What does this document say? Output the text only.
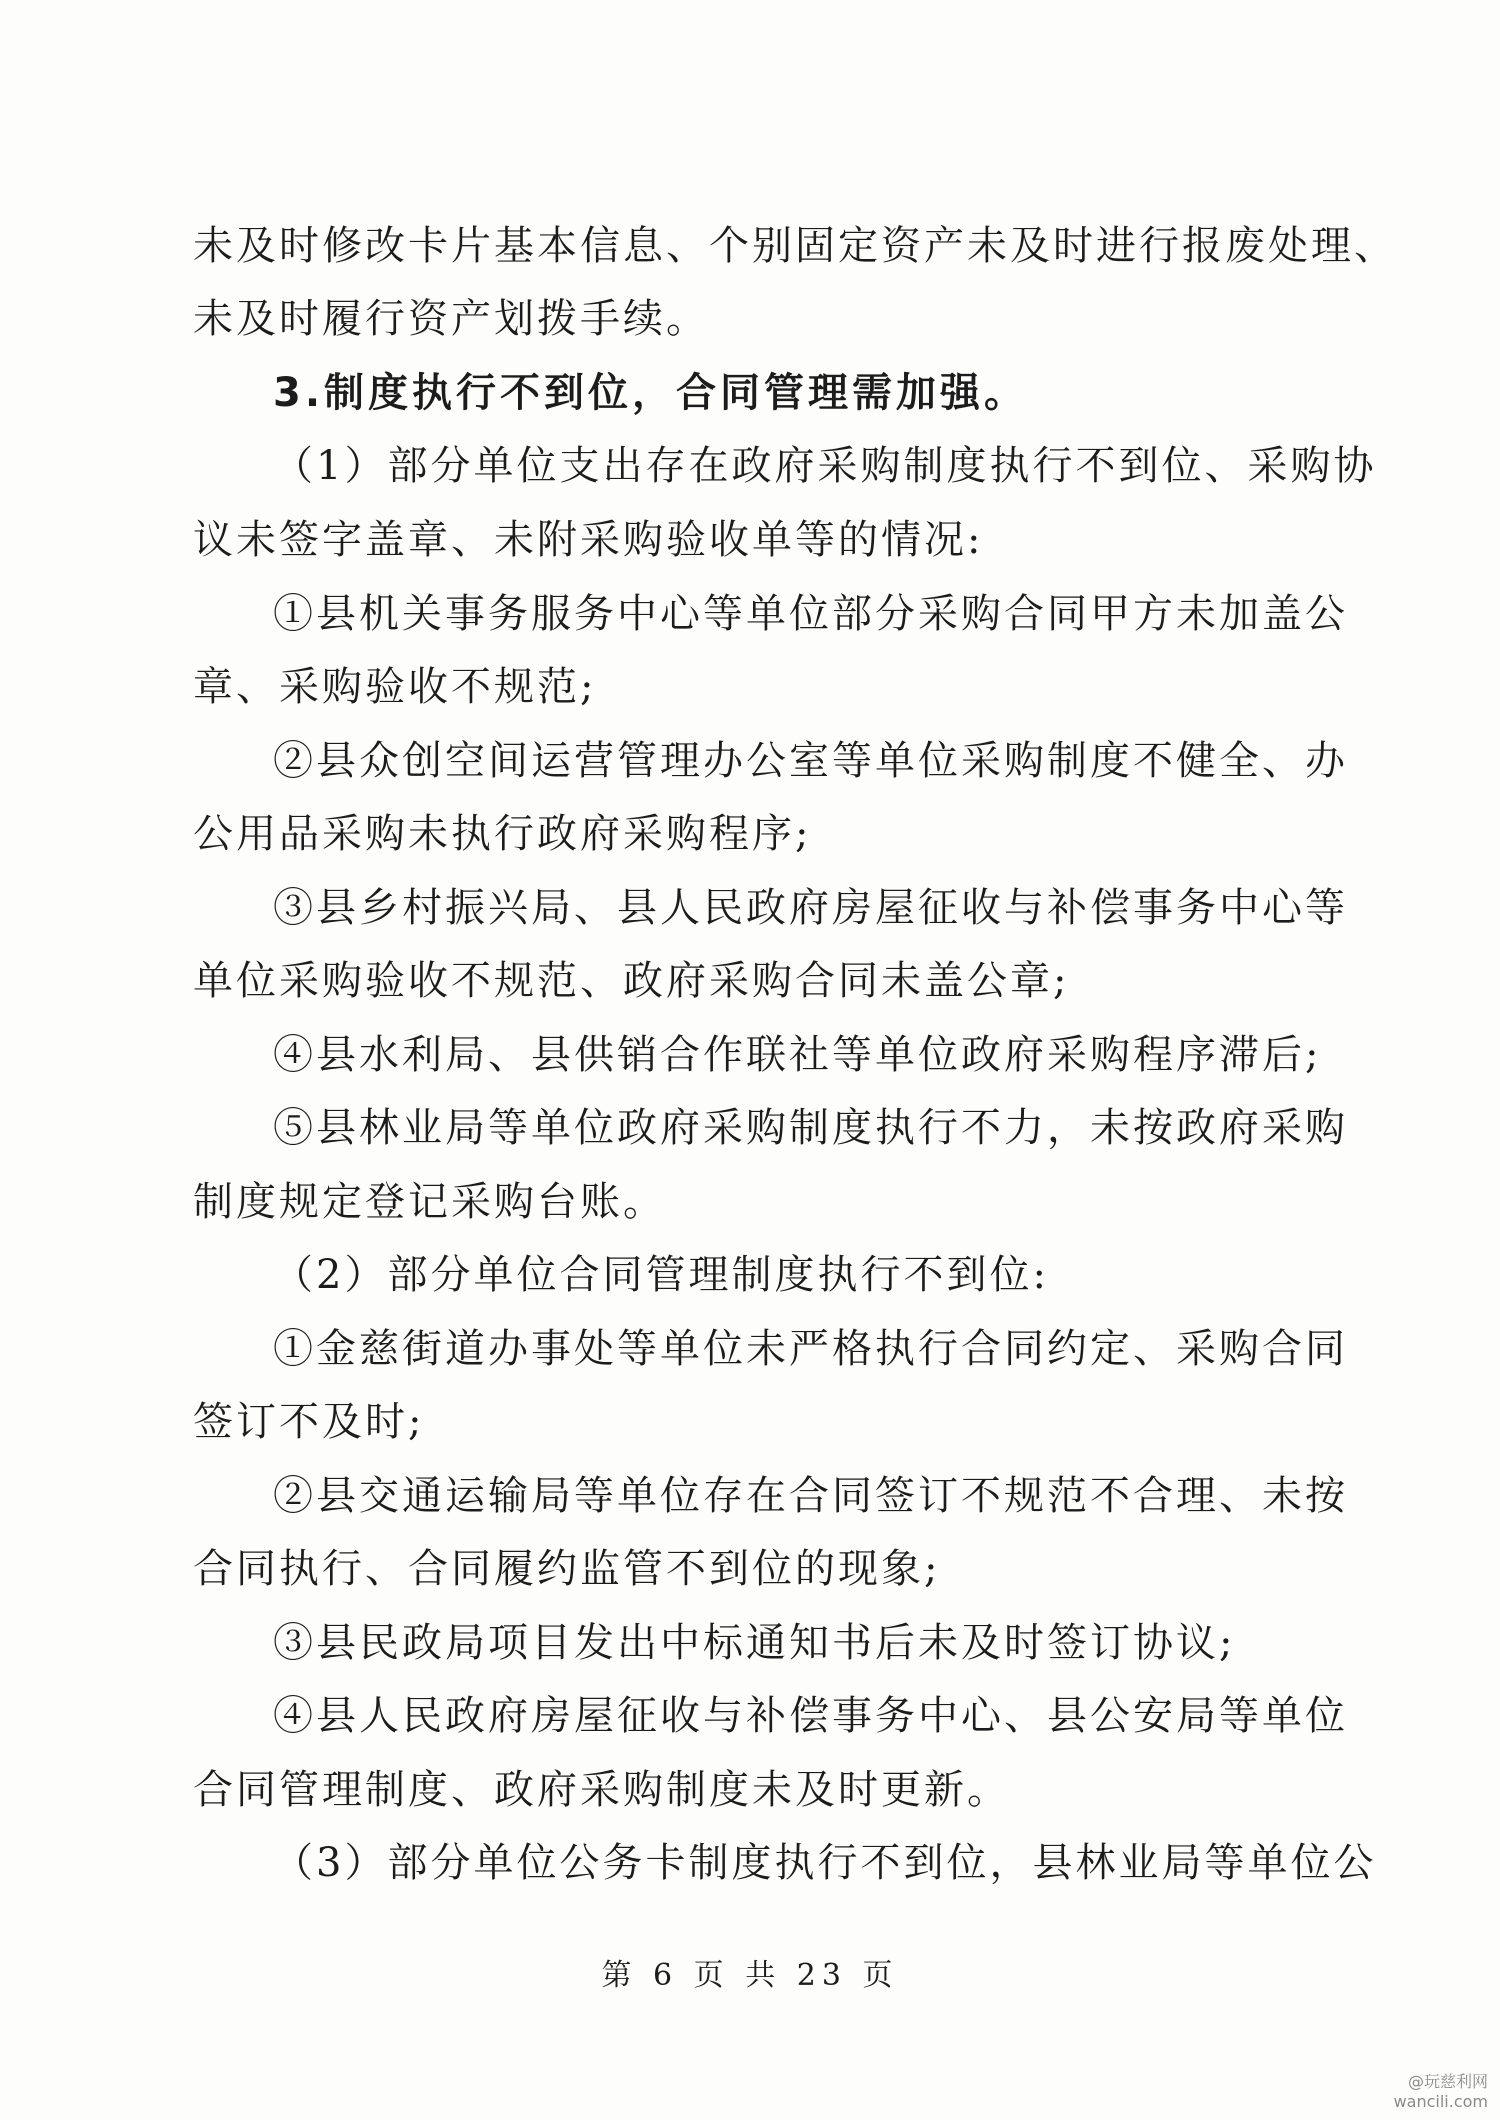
未及时修改卡片基本信息、个别固定资产未及时进行报废处理、
未及时履行资产划拨手续。
3.制度执行不到位，合同管理需加强。
（1）部分单位支出存在政府采购制度执行不到位、采购协
议未签字盖章、未附采购验收单等的情况:
①县机关事务服务中心等单位部分采购合同甲方未加盖公
章、采购验收不规范;
②县众创空间运营管理办公室等单位采购制度不健全、办
公用品采购未执行政府采购程序;
③县乡村振兴局、县人民政府房屋征收与补偿事务中心等
单位采购验收不规范、政府采购合同未盖公章;
④县水利局、县供销合作联社等单位政府采购程序滞后;
⑤县林业局等单位政府采购制度执行不力，未按政府采购
制度规定登记采购台账。
（2）部分单位合同管理制度执行不到位:
①金慈街道办事处等单位未严格执行合同约定、采购合同
签订不及时;
②县交通运输局等单位存在合同签订不规范不合理、未按
合同执行、合同履约监管不到位的现象;
③县民政局项目发出中标通知书后未及时签订协议;
④县人民政府房屋征收与补偿事务中心、县公安局等单位
合同管理制度、政府采购制度未及时更新。
（3）部分单位公务卡制度执行不到位，县林业局等单位公
第 6 页 共 23 页
@玩慈利网
wancili.com
